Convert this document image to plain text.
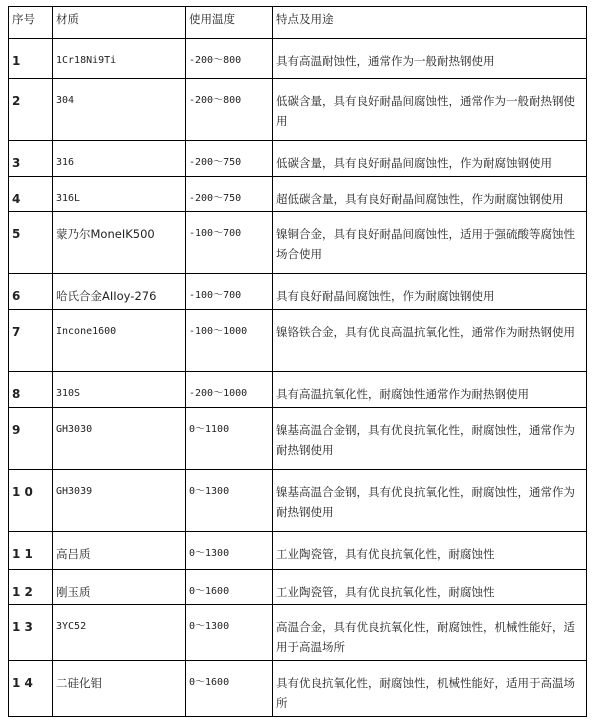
序号	材质	使用温度	特点及用途
1	1Cr18Ni9Ti	-200～800	具有高温耐蚀性，通常作为一般耐热钢使用
2	304	-200～800	低碳含量，具有良好耐晶间腐蚀性，通常作为一般耐热钢使用
3	316	-200～750	低碳含量，具有良好耐晶间腐蚀性，作为耐腐蚀钢使用
4	316L	-200～750	超低碳含量，具有良好耐晶间腐蚀性，作为耐腐蚀钢使用
5	蒙乃尔MoneIK500	-100～700	镍铜合金，具有良好耐晶间腐蚀性，适用于强硫酸等腐蚀性场合使用
6	哈氏合金AIIoy-276	-100～700	具有良好耐晶间腐蚀性，作为耐腐蚀钢使用
7	Incone1600	-100～1000	镍铬铁合金，具有优良高温抗氧化性，通常作为耐热钢使用
8	310S	-200～1000	具有高温抗氧化性，耐腐蚀性通常作为耐热钢使用
9	GH3030	0～1100	镍基高温合金钢，具有优良抗氧化性，耐腐蚀性，通常作为耐热钢使用
1 0	GH3039	0～1300	镍基高温合金钢，具有优良抗氧化性，耐腐蚀性，通常作为耐热钢使用
1 1	高吕质	0～1300	工业陶瓷管，具有优良抗氧化性，耐腐蚀性
1 2	刚玉质	0～1600	工业陶瓷管，具有优良抗氧化性，耐腐蚀性
1 3	3YC52	0～1300	高温合金，具有优良抗氧化性，耐腐蚀性，机械性能好，适用于高温场所
1 4	二硅化钼	0～1600	具有优良抗氧化性，耐腐蚀性，机械性能好，适用于高温场所
